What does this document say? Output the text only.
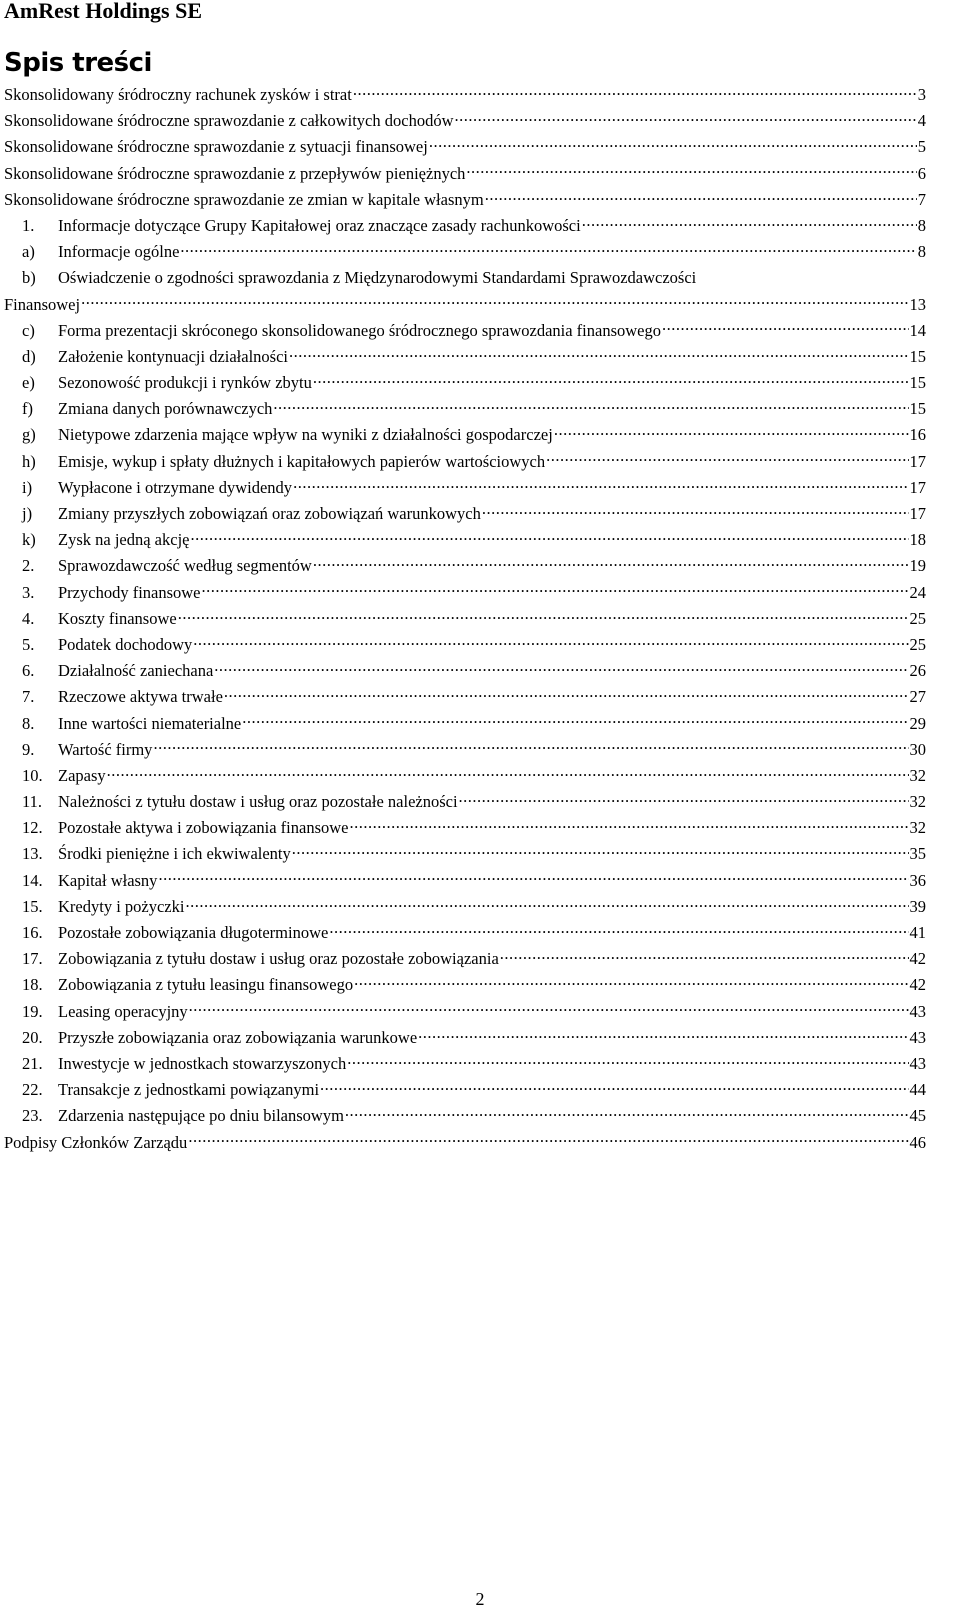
AmRest Holdings SE
Spis treści
Skonsolidowany śródroczny rachunek zysków i strat .....	3
Skonsolidowane śródroczne sprawozdanie z całkowitych dochodów .....	4
Skonsolidowane śródroczne sprawozdanie z sytuacji finansowej .....	5
Skonsolidowane śródroczne sprawozdanie z przepływów pieniężnych .....	6
Skonsolidowane śródroczne sprawozdanie ze zmian w kapitale własnym .....	7
1.	Informacje dotyczące Grupy Kapitałowej oraz znaczące zasady rachunkowości .....	8
a)	Informacje ogólne .....	8
b)	Oświadczenie o zgodności sprawozdania z Międzynarodowymi Standardami Sprawozdawczości
Finansowej .....	13
c)	Forma prezentacji skróconego skonsolidowanego śródrocznego sprawozdania finansowego .....	14
d)	Założenie kontynuacji działalności .....	15
e)	Sezonowość produkcji i rynków zbytu .....	15
f)	Zmiana danych porównawczych .....	15
g)	Nietypowe zdarzenia mające wpływ na wyniki z działalności gospodarczej .....	16
h)	Emisje, wykup i spłaty dłużnych i kapitałowych papierów wartościowych .....	17
i)	Wypłacone i otrzymane dywidendy .....	17
j)	Zmiany przyszłych zobowiązań oraz zobowiązań warunkowych .....	17
k)	Zysk na jedną akcję .....	18
2.	Sprawozdawczość według segmentów .....	19
3.	Przychody finansowe .....	24
4.	Koszty finansowe .....	25
5.	Podatek dochodowy .....	25
6.	Działalność zaniechana .....	26
7.	Rzeczowe aktywa trwałe .....	27
8.	Inne wartości niematerialne .....	29
9.	Wartość firmy .....	30
10. Zapasy .....	32
11. Należności z tytułu dostaw i usług oraz pozostałe należności .....	32
12. Pozostałe aktywa i zobowiązania finansowe .....	32
13. Środki pieniężne i ich ekwiwalenty .....	35
14. Kapitał własny .....	36
15. Kredyty i pożyczki .....	39
16. Pozostałe zobowiązania długoterminowe .....	41
17. Zobowiązania z tytułu dostaw i usług oraz pozostałe zobowiązania .....	42
18. Zobowiązania z tytułu leasingu finansowego .....	42
19. Leasing operacyjny .....	43
20. Przyszłe zobowiązania oraz zobowiązania warunkowe .....	43
21. Inwestycje w jednostkach stowarzyszonych .....	43
22. Transakcje z jednostkami powiązanymi .....	44
23. Zdarzenia następujące po dniu bilansowym .....	45
Podpisy Członków Zarządu .....	46
2
